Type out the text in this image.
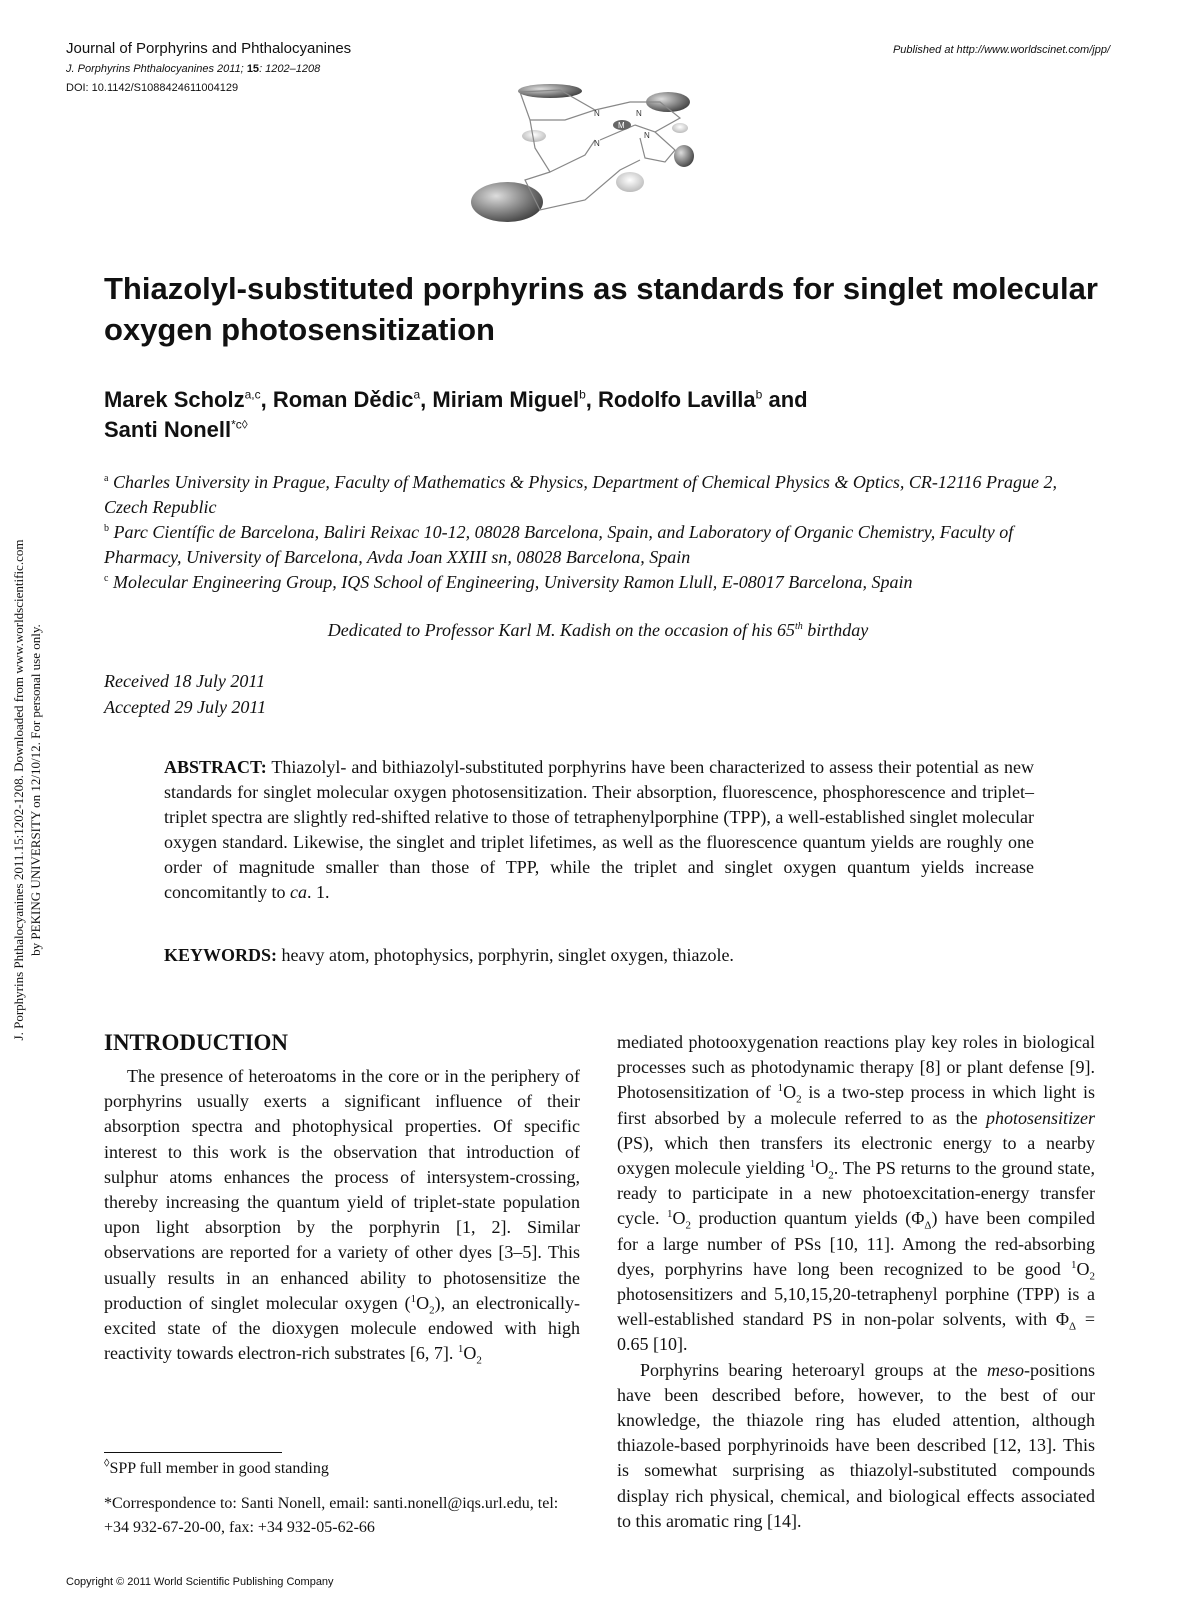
Journal of Porphyrins and Phthalocyanines
J. Porphyrins Phthalocyanines 2011; 15: 1202–1208
DOI: 10.1142/S1088424611004129
Published at http://www.worldscinet.com/jpp/
M
N	N
N
N
Thiazolyl-substituted porphyrins as standards for singlet molecular oxygen photosensitization
Marek Scholz$^{a,c}$, Roman Dědic$^a$, Miriam Miguel$^b$, Rodolfo Lavilla$^b$ and
Santi Nonell$^{*c◊}$
$^a$ Charles University in Prague, Faculty of Mathematics & Physics, Department of Chemical Physics & Optics, CR-12116 Prague 2, Czech Republic
$^b$ Parc Científic de Barcelona, Baliri Reixac 10-12, 08028 Barcelona, Spain, and Laboratory of Organic Chemistry, Faculty of Pharmacy, University of Barcelona, Avda Joan XXIII sn, 08028 Barcelona, Spain
$^c$ Molecular Engineering Group, IQS School of Engineering, University Ramon Llull, E-08017 Barcelona, Spain
Dedicated to Professor Karl M. Kadish on the occasion of his 65th birthday
Received 18 July 2011
Accepted 29 July 2011
ABSTRACT: Thiazolyl- and bithiazolyl-substituted porphyrins have been characterized to assess their potential as new standards for singlet molecular oxygen photosensitization. Their absorption, fluorescence, phosphorescence and triplet–triplet spectra are slightly red-shifted relative to those of tetraphenylporphine (TPP), a well-established singlet molecular oxygen standard. Likewise, the singlet and triplet lifetimes, as well as the fluorescence quantum yields are roughly one order of magnitude smaller than those of TPP, while the triplet and singlet oxygen quantum yields increase concomitantly to ca. 1.
KEYWORDS: heavy atom, photophysics, porphyrin, singlet oxygen, thiazole.
J. Porphyrins Phthalocyanines 2011.15:1202-1208. Downloaded from www.worldscientific.com by PEKING UNIVERSITY on 12/10/12. For personal use only.
INTRODUCTION

The presence of heteroatoms in the core or in the periphery of porphyrins usually exerts a significant influence of their absorption spectra and photophysical properties. Of specific interest to this work is the observation that introduction of sulphur atoms enhances the process of intersystem-crossing, thereby increasing the quantum yield of triplet-state population upon light absorption by the porphyrin [1, 2]. Similar observations are reported for a variety of other dyes [3–5]. This usually results in an enhanced ability to photosensitize the production of singlet molecular oxygen $(^1O_2)$, an electronically-excited state of the dioxygen molecule endowed with high reactivity towards electron-rich substrates [6, 7]. $^1O_2$

mediated photooxygenation reactions play key roles in biological processes such as photodynamic therapy [8] or plant defense [9]. Photosensitization of $^1O_2$ is a two-step process in which light is first absorbed by a molecule referred to as the photosensitizer (PS), which then transfers its electronic energy to a nearby oxygen molecule yielding $^1O_2$. The PS returns to the ground state, ready to participate in a new photoexcitation-energy transfer cycle. $^1O_2$ production quantum yields $(\Phi_\Delta)$ have been compiled for a large number of PSs [10, 11]. Among the red-absorbing dyes, porphyrins have long been recognized to be good $^1O_2$ photosensitizers and 5,10,15,20-tetraphenyl porphine (TPP) is a well-established standard PS in non-polar solvents, with $\Phi_\Delta = 0.65$ [10].

Porphyrins bearing heteroaryl groups at the meso-positions have been described before, however, to the best of our knowledge, the thiazole ring has eluded attention, although thiazole-based porphyrinoids have been described [12, 13]. This is somewhat surprising as thiazolyl-substituted compounds display rich physical, chemical, and biological effects associated to this aromatic ring [14].

◊SPP full member in good standing
*Correspondence to: Santi Nonell, email: santi.nonell@iqs.url.edu, tel: +34 932-67-20-00, fax: +34 932-05-62-66
Copyright © 2011 World Scientific Publishing Company
